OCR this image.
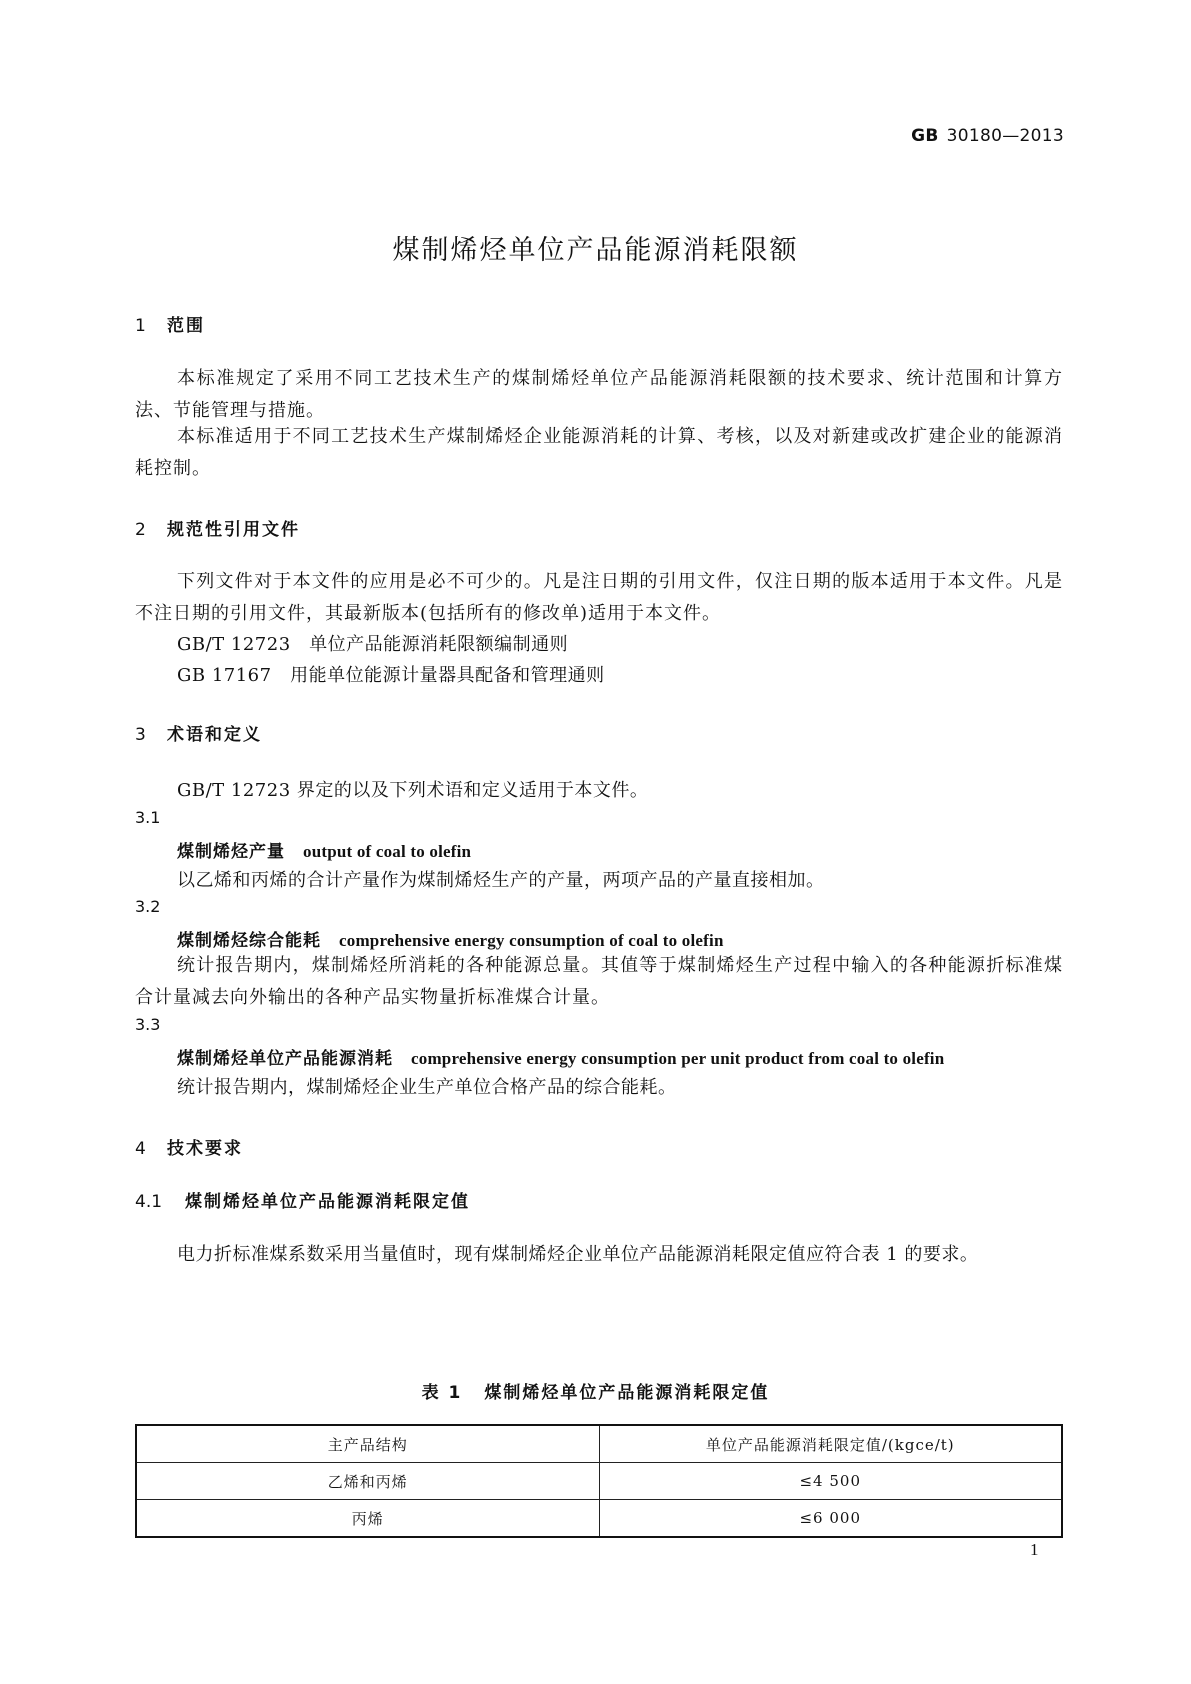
GB 30180—2013
煤制烯烃单位产品能源消耗限额
1 范围
本标准规定了采用不同工艺技术生产的煤制烯烃单位产品能源消耗限额的技术要求、统计范围和计算方法、节能管理与措施。
本标准适用于不同工艺技术生产煤制烯烃企业能源消耗的计算、考核，以及对新建或改扩建企业的能源消耗控制。
2 规范性引用文件
下列文件对于本文件的应用是必不可少的。凡是注日期的引用文件，仅注日期的版本适用于本文件。凡是不注日期的引用文件，其最新版本(包括所有的修改单)适用于本文件。
GB/T 12723　单位产品能源消耗限额编制通则
GB 17167　用能单位能源计量器具配备和管理通则
3 术语和定义
GB/T 12723 界定的以及下列术语和定义适用于本文件。
3.1
煤制烯烃产量 output of coal to olefin
以乙烯和丙烯的合计产量作为煤制烯烃生产的产量，两项产品的产量直接相加。
3.2
煤制烯烃综合能耗 comprehensive energy consumption of coal to olefin
统计报告期内，煤制烯烃所消耗的各种能源总量。其值等于煤制烯烃生产过程中输入的各种能源折标准煤合计量减去向外输出的各种产品实物量折标准煤合计量。
3.3
煤制烯烃单位产品能源消耗 comprehensive energy consumption per unit product from coal to olefin
统计报告期内，煤制烯烃企业生产单位合格产品的综合能耗。
4 技术要求
4.1 煤制烯烃单位产品能源消耗限定值
电力折标准煤系数采用当量值时，现有煤制烯烃企业单位产品能源消耗限定值应符合表 1 的要求。
表 1 煤制烯烃单位产品能源消耗限定值
主产品结构	单位产品能源消耗限定值/(kgce/t)
乙烯和丙烯	≤4 500
丙烯	≤6 000
1
